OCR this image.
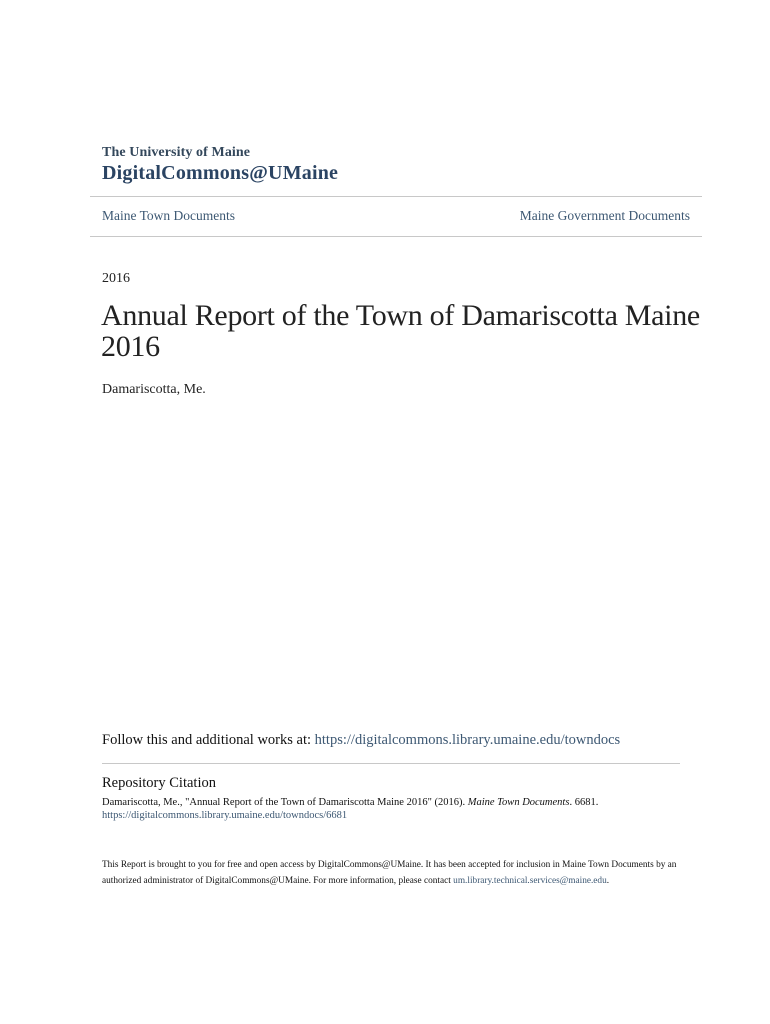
The University of Maine
DigitalCommons@UMaine
Maine Town Documents	Maine Government Documents
2016
Annual Report of the Town of Damariscotta Maine 2016
Damariscotta, Me.
Follow this and additional works at: https://digitalcommons.library.umaine.edu/towndocs
Repository Citation
Damariscotta, Me., "Annual Report of the Town of Damariscotta Maine 2016" (2016). Maine Town Documents. 6681.
https://digitalcommons.library.umaine.edu/towndocs/6681
This Report is brought to you for free and open access by DigitalCommons@UMaine. It has been accepted for inclusion in Maine Town Documents by an authorized administrator of DigitalCommons@UMaine. For more information, please contact um.library.technical.services@maine.edu.
